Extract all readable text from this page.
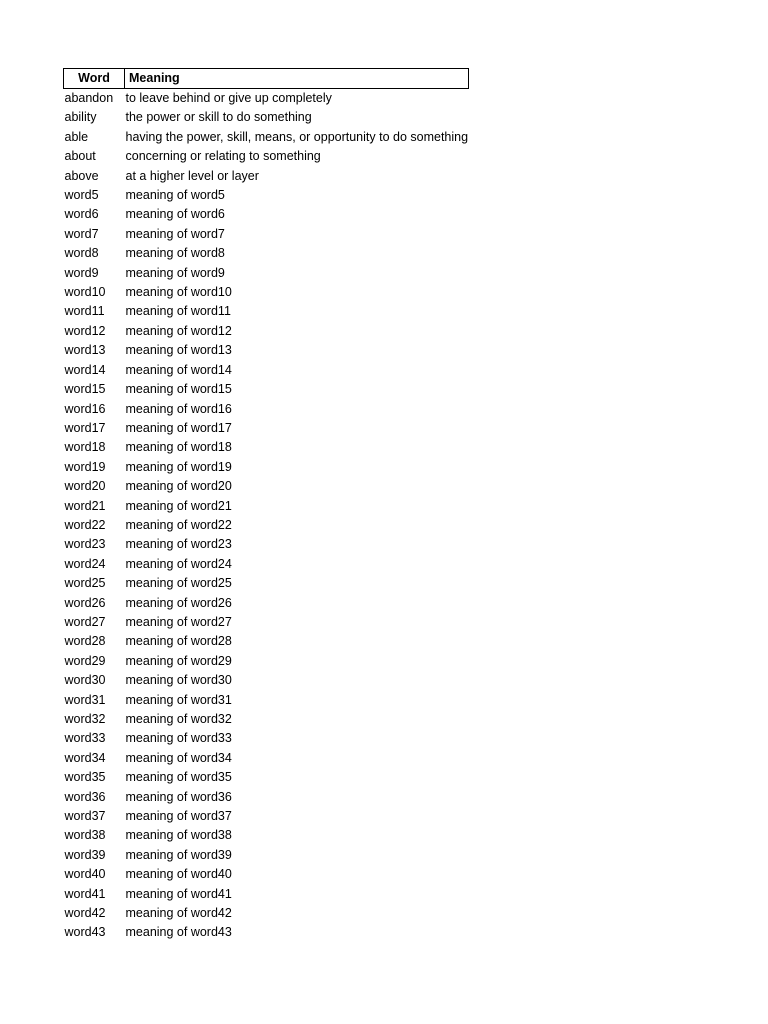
Word	Meaning
abandon	to leave behind or give up completely
ability	the power or skill to do something
able	having the power, skill, means, or opportunity to do something
about	concerning or relating to something
above	at a higher level or layer
word5	meaning of word5
word6	meaning of word6
word7	meaning of word7
word8	meaning of word8
word9	meaning of word9
word10	meaning of word10
word11	meaning of word11
word12	meaning of word12
word13	meaning of word13
word14	meaning of word14
word15	meaning of word15
word16	meaning of word16
word17	meaning of word17
word18	meaning of word18
word19	meaning of word19
word20	meaning of word20
word21	meaning of word21
word22	meaning of word22
word23	meaning of word23
word24	meaning of word24
word25	meaning of word25
word26	meaning of word26
word27	meaning of word27
word28	meaning of word28
word29	meaning of word29
word30	meaning of word30
word31	meaning of word31
word32	meaning of word32
word33	meaning of word33
word34	meaning of word34
word35	meaning of word35
word36	meaning of word36
word37	meaning of word37
word38	meaning of word38
word39	meaning of word39
word40	meaning of word40
word41	meaning of word41
word42	meaning of word42
word43	meaning of word43
